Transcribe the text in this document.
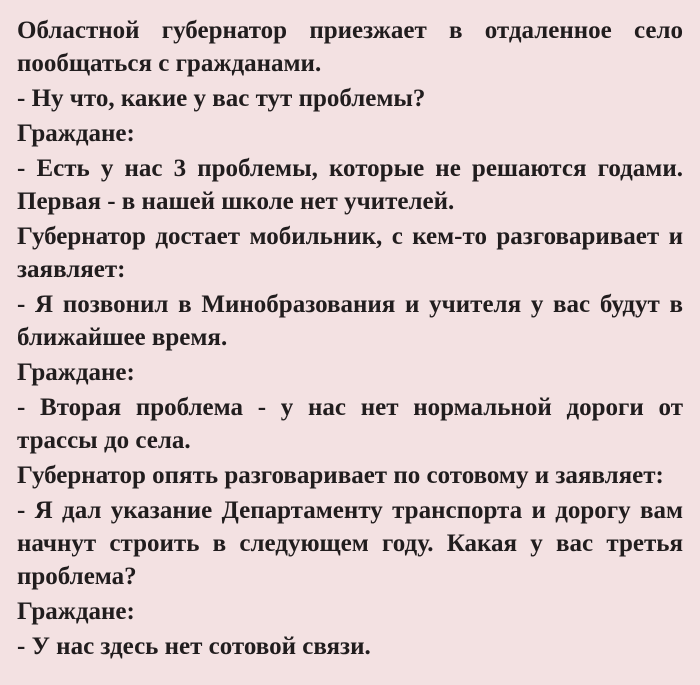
Областной губернатор приезжает в отдаленное село
пообщаться с гражданами.
- Ну что, какие у вас тут проблемы?
Граждане:
- Есть у нас 3 проблемы, которые не решаются годами.
Первая - в нашей школе нет учителей.
Губернатор достает мобильник, с кем-то разговаривает и
заявляет:
- Я позвонил в Минобразования и учителя у вас будут в
ближайшее время.
Граждане:
- Вторая проблема - у нас нет нормальной дороги от
трассы до села.
Губернатор опять разговаривает по сотовому и заявляет:
- Я дал указание Департаменту транспорта и дорогу вам
начнут строить в следующем году. Какая у вас третья
проблема?
Граждане:
- У нас здесь нет сотовой связи.
